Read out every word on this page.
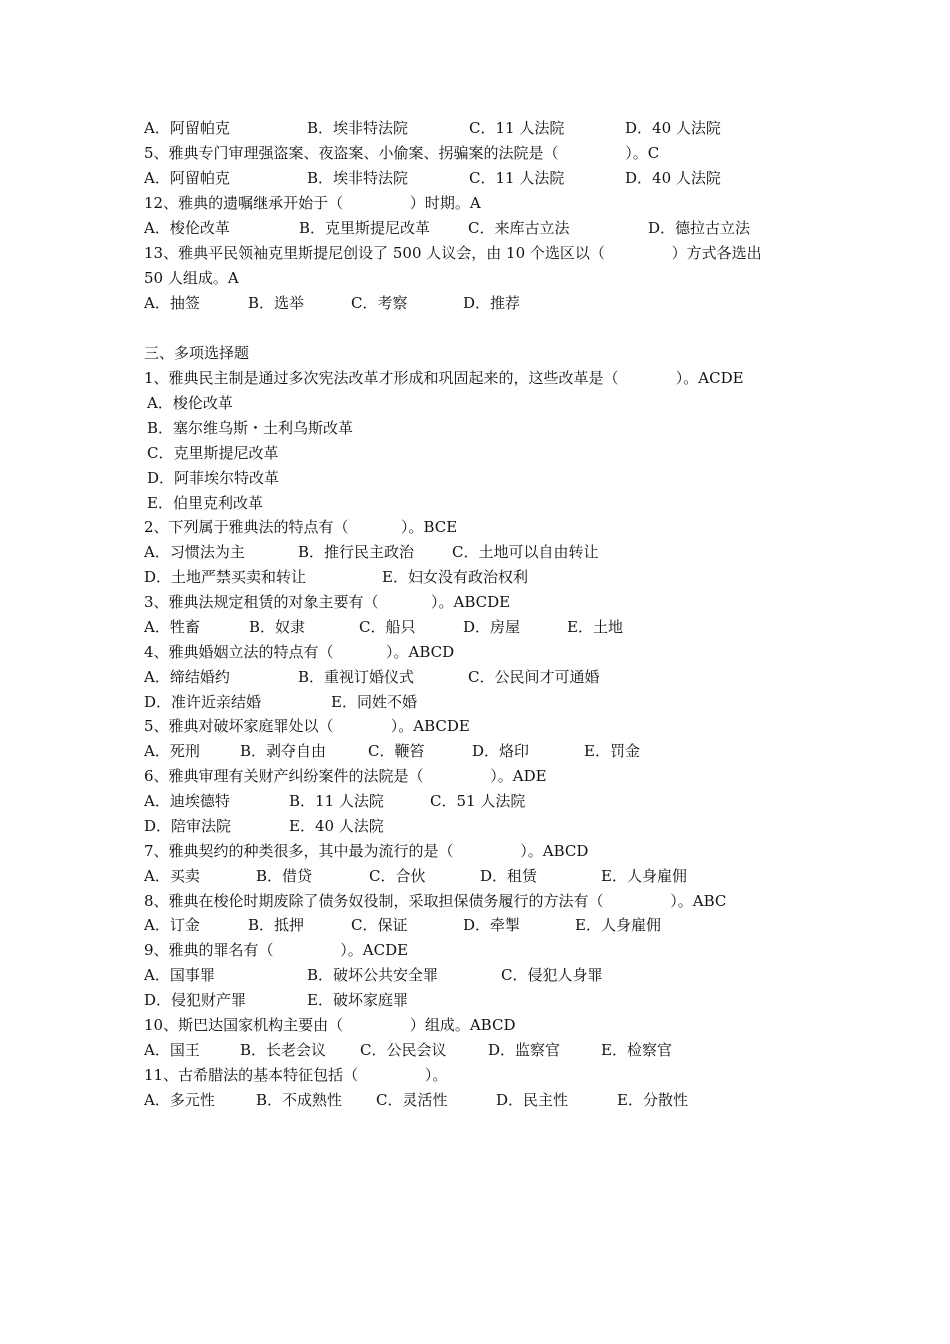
A．阿留帕克

	B．埃非特法院

	C．11 人法院

	D．40 人法院

5、雅典专门审理强盗案、夜盗案、小偷案、拐骗案的法院是（              ）。C

A．阿留帕克

	B．埃非特法院

	C．11 人法院

	D．40 人法院

12、雅典的遗嘱继承开始于（              ）时期。A

A．梭伦改革

	B．克里斯提尼改革

	C．来库古立法

	D．德拉古立法

13、雅典平民领袖克里斯提尼创设了 500 人议会，由 10 个选区以（              ）方式各选出
50 人组成。A

A．抽签

	B．选举

	C．考察

	D．推荐

三、多项选择题
1、雅典民主制是通过多次宪法改革才形成和巩固起来的，这些改革是（            ）。ACDE
A．梭伦改革
B．塞尔维乌斯・土利乌斯改革
C．克里斯提尼改革
D．阿菲埃尔特改革
E．伯里克利改革
2、下列属于雅典法的特点有（           ）。BCE

A．习惯法为主

	B．推行民主政治

	C．土地可以自由转让

D．土地严禁买卖和转让

	E．妇女没有政治权利

3、雅典法规定租赁的对象主要有（           ）。ABCDE

A．牲畜

	B．奴隶

	C．船只

	D．房屋

	E．土地

4、雅典婚姻立法的特点有（           ）。ABCD

A．缔结婚约

	B．重视订婚仪式

	C．公民间才可通婚

D．准许近亲结婚

	E．同姓不婚

5、雅典对破坏家庭罪处以（            ）。ABCDE

A．死刑

	B．剥夺自由

	C．鞭笞

	D．烙印

	E．罚金

6、雅典审理有关财产纠纷案件的法院是（              ）。ADE

A．迪埃德特

	B．11 人法院

	C．51 人法院

D．陪审法院

	E．40 人法院

7、雅典契约的种类很多，其中最为流行的是（              ）。ABCD

A．买卖

	B．借贷

	C．合伙

	D．租赁

	E．人身雇佣

8、雅典在梭伦时期废除了债务奴役制，采取担保债务履行的方法有（              ）。ABC

A．订金

	B．抵押

	C．保证

	D．牵掣

	E．人身雇佣

9、雅典的罪名有（              ）。ACDE

A．国事罪

	B．破坏公共安全罪

	C．侵犯人身罪

D．侵犯财产罪

	E．破坏家庭罪

10、斯巴达国家机构主要由（              ）组成。ABCD

A．国王

	B．长老会议

C．公民会议

	D．监察官

	E．检察官

11、古希腊法的基本特征包括（              ）。

A．多元性

	B．不成熟性

C．灵活性

	D．民主性

	E．分散性
